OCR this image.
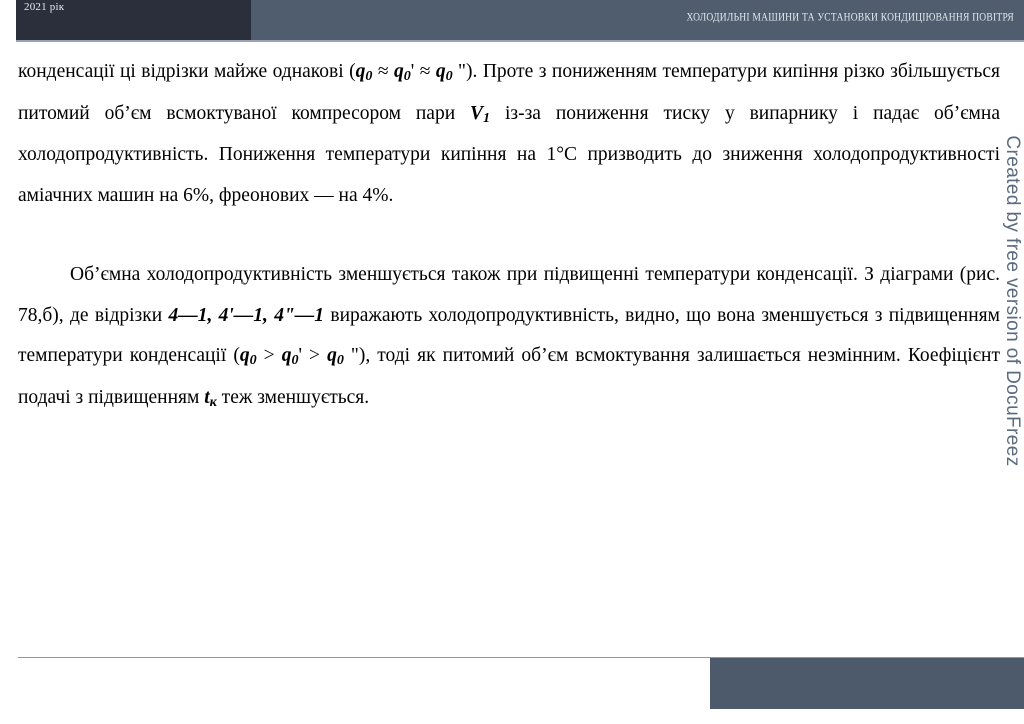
2021 рік
ХОЛОДИЛЬНІ МАШИНИ ТА УСТАНОВКИ КОНДИЦІЮВАННЯ ПОВІТРЯ

конденсації ці відрізки майже однакові ($q_0 \approx q_0' \approx q_0$ "). Проте з пониженням температури кипіння різко збільшується питомий об’єм всмоктуваної компресором пари $V_1$ із-за пониження тиску у випарнику і падає об’ємна холодопродуктивність. Пониження температури кипіння на 1°С призводить до зниження холодопродуктивності аміачних машин на 6%, фреонових — на 4%.

Об’ємна холодопродуктивність зменшується також при підвищенні температури конденсації. З діаграми (рис. 78,б), де відрізки 4—1, 4'—1, 4"—1 виражають холодопродуктивність, видно, що вона зменшується з підвищенням температури конденсації ($q_0 > q_0' > q_0$ "), тоді як питомий об’єм всмоктування залишається незмінним. Коефіцієнт подачі з підвищенням $t_к$ теж зменшується.	Created by free version of DocuFreez
